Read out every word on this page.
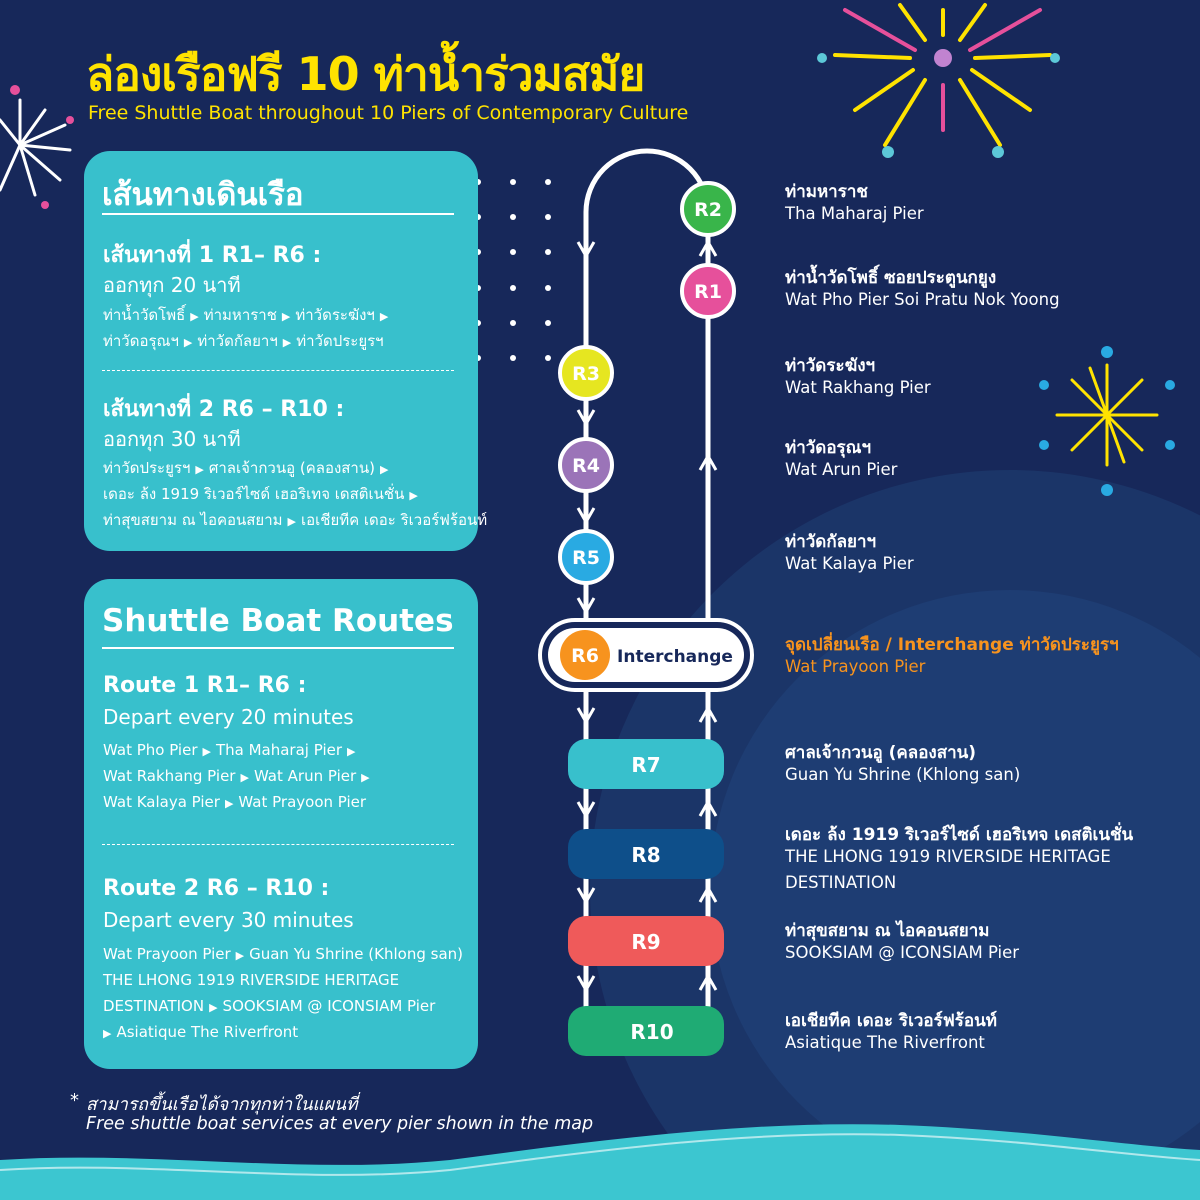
ล่องเรือฟรี 10 ท่าน้ำร่วมสมัย
Free Shuttle Boat throughout 10 Piers of Contemporary Culture
เส้นทางเดินเรือ
เส้นทางที่ 1 R1– R6 :
ออกทุก 20 นาที
ท่าน้ำวัดโพธิ์ ▶ ท่ามหาราช ▶ ท่าวัดระฆังฯ ▶
ท่าวัดอรุณฯ ▶ ท่าวัดกัลยาฯ ▶ ท่าวัดประยูรฯ
เส้นทางที่ 2 R6 – R10 :
ออกทุก 30 นาที
ท่าวัดประยูรฯ ▶ ศาลเจ้ากวนอู (คลองสาน) ▶
เดอะ ล้ง 1919 ริเวอร์ไซด์ เฮอริเทจ เดสติเนชั่น ▶
ท่าสุขสยาม ณ ไอคอนสยาม ▶ เอเชียทีค เดอะ ริเวอร์ฟร้อนท์
Shuttle Boat Routes
Route 1 R1– R6 :
Depart every 20 minutes
Wat Pho Pier ▶ Tha Maharaj Pier ▶
Wat Rakhang Pier ▶ Wat Arun Pier ▶
Wat Kalaya Pier ▶ Wat Prayoon Pier
Route 2 R6 – R10 :
Depart every 30 minutes
Wat Prayoon Pier ▶ Guan Yu Shrine (Khlong san)
THE LHONG 1919 RIVERSIDE HERITAGE
DESTINATION ▶ SOOKSIAM @ ICONSIAM Pier
▶ Asiatique The Riverfront
Interchange
R2
R1
R3
R4
R5
R6
R7
R8
R9
R10
ท่ามหาราช
Tha Maharaj Pier
ท่าน้ำวัดโพธิ์ ซอยประตูนกยูง
Wat Pho Pier Soi Pratu Nok Yoong
ท่าวัดระฆังฯ
Wat Rakhang Pier
ท่าวัดอรุณฯ
Wat Arun Pier
ท่าวัดกัลยาฯ
Wat Kalaya Pier
จุดเปลี่ยนเรือ / Interchange ท่าวัดประยูรฯ
Wat Prayoon Pier
ศาลเจ้ากวนอู (คลองสาน)
Guan Yu Shrine (Khlong san)
เดอะ ล้ง 1919 ริเวอร์ไซด์ เฮอริเทจ เดสติเนชั่น
THE LHONG 1919 RIVERSIDE HERITAGE
DESTINATION
ท่าสุขสยาม ณ ไอคอนสยาม
SOOKSIAM @ ICONSIAM Pier
เอเชียทีค เดอะ ริเวอร์ฟร้อนท์
Asiatique The Riverfront
* สามารถขึ้นเรือได้จากทุกท่าในแผนที่
Free shuttle boat services at every pier shown in the map
